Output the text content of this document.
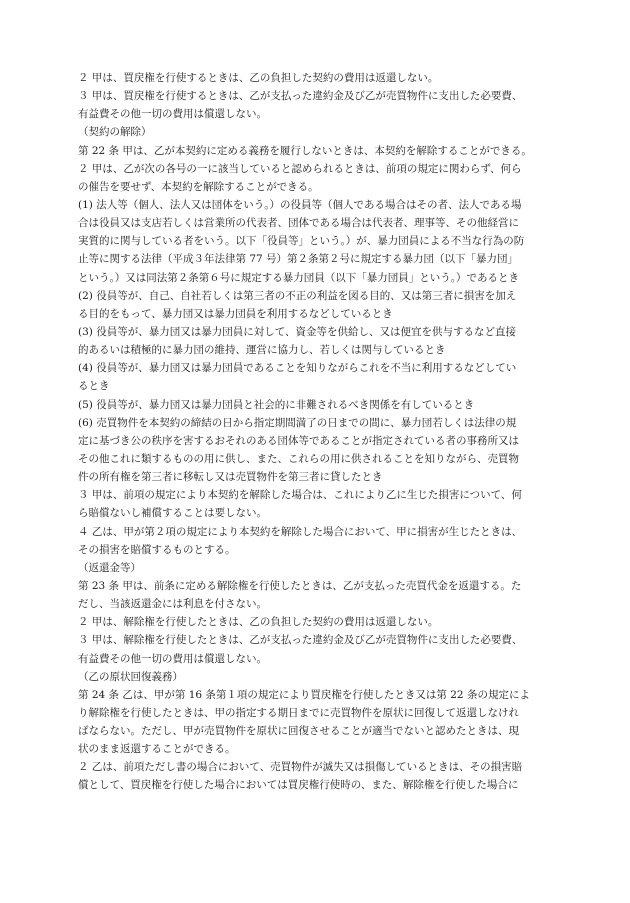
２ 甲は、買戻権を行使するときは、乙の負担した契約の費用は返還しない。
３ 甲は、買戻権を行使するときは、乙が支払った違約金及び乙が売買物件に支出した必要費、
有益費その他一切の費用は償還しない。
（契約の解除）
第 22 条 甲は、乙が本契約に定める義務を履行しないときは、本契約を解除することができる。
２ 甲は、乙が次の各号の一に該当していると認められるときは、前項の規定に関わらず、何ら
の催告を要せず、本契約を解除することができる。
(1) 法人等（個人、法人又は団体をいう。）の役員等（個人である場合はその者、法人である場
合は役員又は支店若しくは営業所の代表者、団体である場合は代表者、理事等、その他経営に
実質的に関与している者をいう。以下「役員等」という。）が、暴力団員による不当な行為の防
止等に関する法律（平成３年法律第 77 号）第２条第２号に規定する暴力団（以下「暴力団」
という。）又は同法第２条第６号に規定する暴力団員（以下「暴力団員」という。）であるとき
(2) 役員等が、自己、自社若しくは第三者の不正の利益を図る目的、又は第三者に損害を加え
る目的をもって、暴力団又は暴力団員を利用するなどしているとき
(3) 役員等が、暴力団又は暴力団員に対して、資金等を供給し、又は便宜を供与するなど直接
的あるいは積極的に暴力団の維持、運営に協力し、若しくは関与しているとき
(4) 役員等が、暴力団又は暴力団員であることを知りながらこれを不当に利用するなどしてい
るとき
(5) 役員等が、暴力団又は暴力団員と社会的に非難されるべき関係を有しているとき
(6) 売買物件を本契約の締結の日から指定期間満了の日までの間に、暴力団若しくは法律の規
定に基づき公の秩序を害するおそれのある団体等であることが指定されている者の事務所又は
その他これに類するものの用に供し、また、これらの用に供されることを知りながら、売買物
件の所有権を第三者に移転し又は売買物件を第三者に貸したとき
３ 甲は、前項の規定により本契約を解除した場合は、これにより乙に生じた損害について、何
ら賠償ないし補償することは要しない。
４ 乙は、甲が第２項の規定により本契約を解除した場合において、甲に損害が生じたときは、
その損害を賠償するものとする。
（返還金等）
第 23 条 甲は、前条に定める解除権を行使したときは、乙が支払った売買代金を返還する。た
だし、当該返還金には利息を付さない。
２ 甲は、解除権を行使したときは、乙の負担した契約の費用は返還しない。
３ 甲は、解除権を行使したときは、乙が支払った違約金及び乙が売買物件に支出した必要費、
有益費その他一切の費用は償還しない。
（乙の原状回復義務）
第 24 条 乙は、甲が第 16 条第１項の規定により買戻権を行使したとき又は第 22 条の規定によ
り解除権を行使したときは、甲の指定する期日までに売買物件を原状に回復して返還しなけれ
ばならない。ただし、甲が売買物件を原状に回復させることが適当でないと認めたときは、現
状のまま返還することができる。
２ 乙は、前項ただし書の場合において、売買物件が滅失又は損傷しているときは、その損害賠
償として、買戻権を行使した場合においては買戻権行使時の、また、解除権を行使した場合に
